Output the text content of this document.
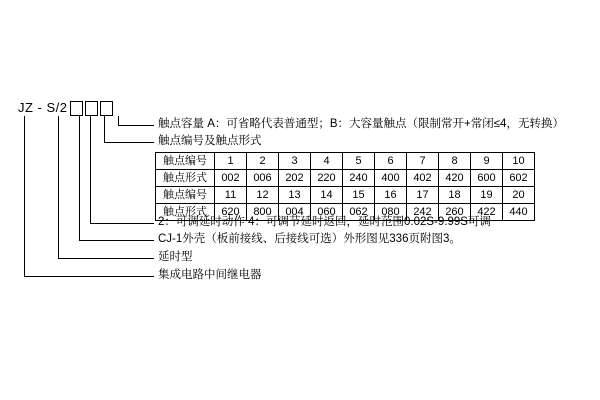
JZ - S/2
触点容量 A：可省略代表普通型；B：大容量触点（限制常开+常闭≤4，无转换）
触点编号及触点形式
2：可调延时动作 4：可调节延时返回，延时范围0.02S-9.99S可调
CJ-1外壳（板前接线、后接线可选）外形图见336页附图3。
延时型
集成电路中间继电器
触点编号	1	2	3	4	5	6	7	8	9	10
触点形式	002	006	202	220	240	400	402	420	600	602
触点编号	11	12	13	14	15	16	17	18	19	20
触点形式	620	800	004	060	062	080	242	260	422	440
